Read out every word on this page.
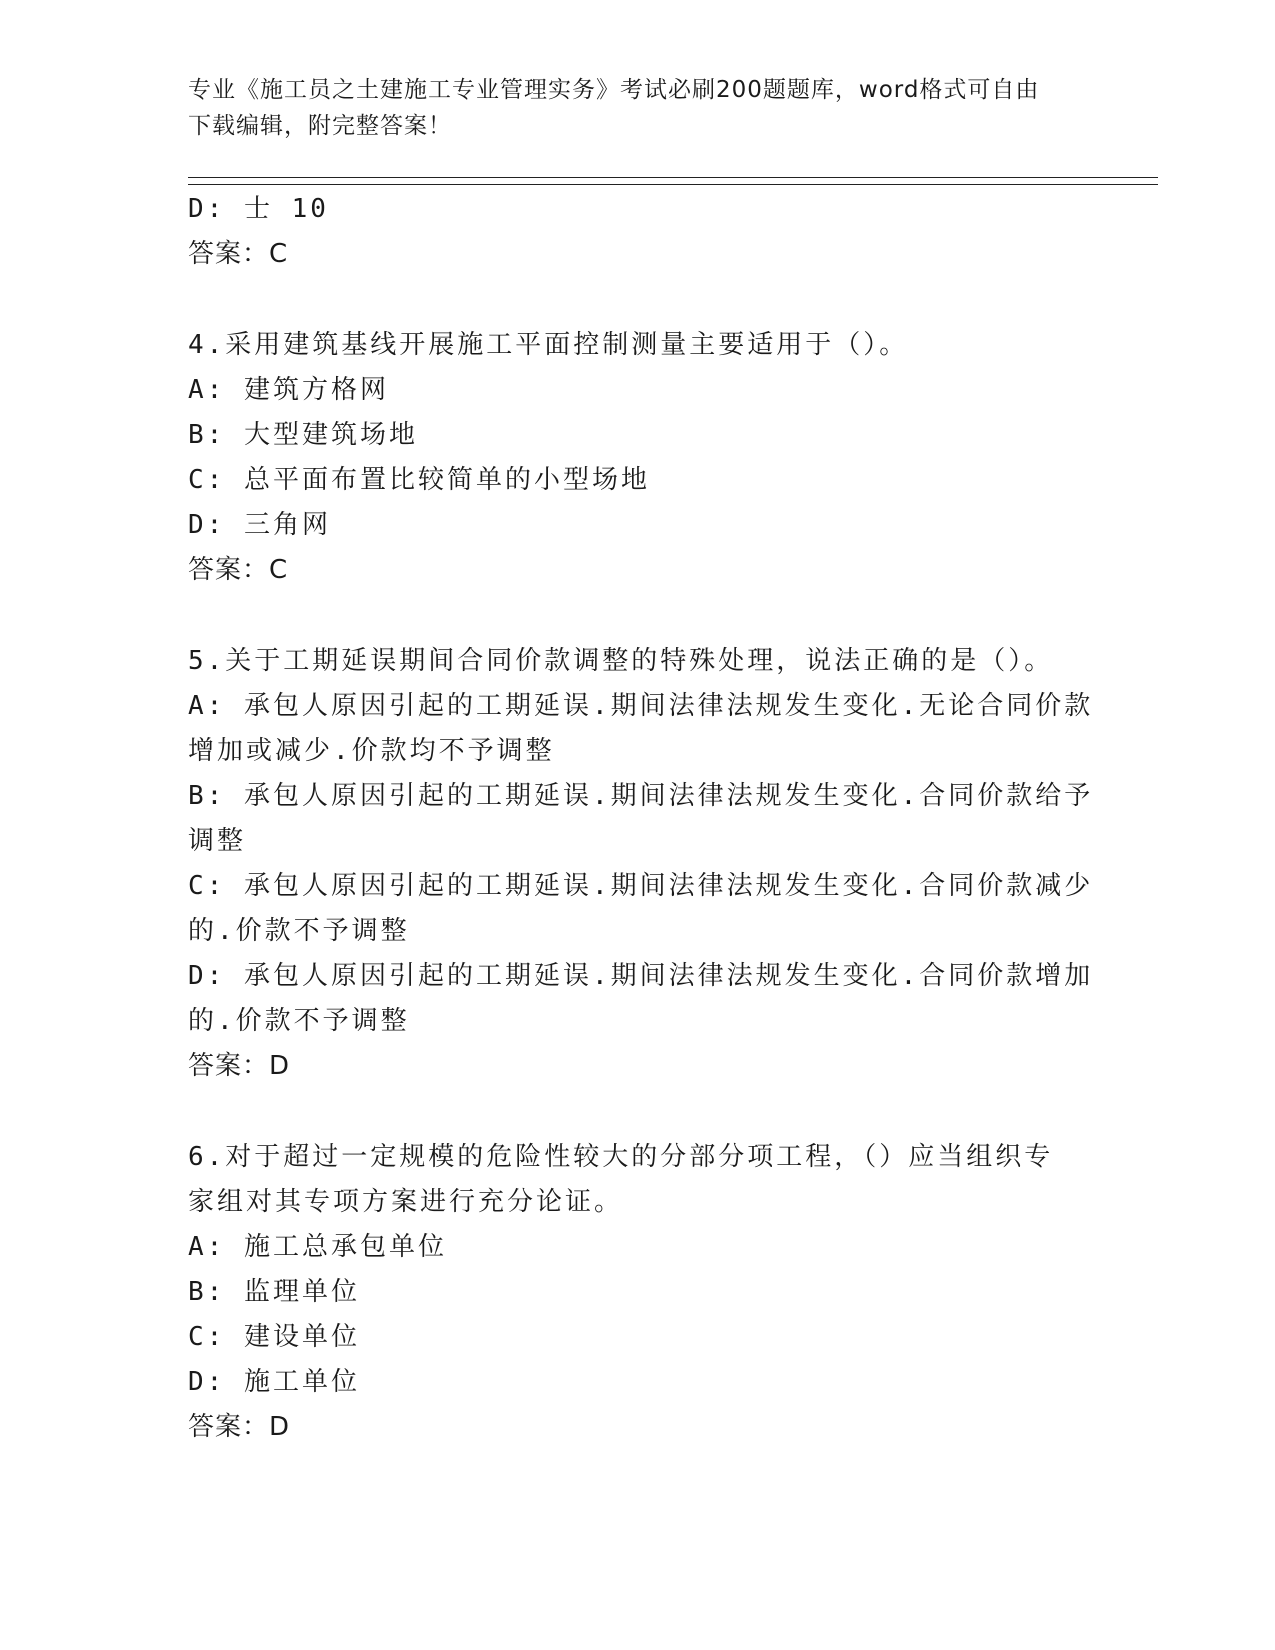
专业《施工员之土建施工专业管理实务》考试必刷200题题库，word格式可自由
下载编辑，附完整答案！
D: 士 10
答案：C
4.采用建筑基线开展施工平面控制测量主要适用于（）。
A: 建筑方格网
B: 大型建筑场地
C: 总平面布置比较简单的小型场地
D: 三角网
答案：C
5.关于工期延误期间合同价款调整的特殊处理，说法正确的是（）。
A: 承包人原因引起的工期延误.期间法律法规发生变化.无论合同价款
增加或减少.价款均不予调整
B: 承包人原因引起的工期延误.期间法律法规发生变化.合同价款给予
调整
C: 承包人原因引起的工期延误.期间法律法规发生变化.合同价款减少
的.价款不予调整
D: 承包人原因引起的工期延误.期间法律法规发生变化.合同价款增加
的.价款不予调整
答案：D
6.对于超过一定规模的危险性较大的分部分项工程，（）应当组织专
家组对其专项方案进行充分论证。
A: 施工总承包单位
B: 监理单位
C: 建设单位
D: 施工单位
答案：D
